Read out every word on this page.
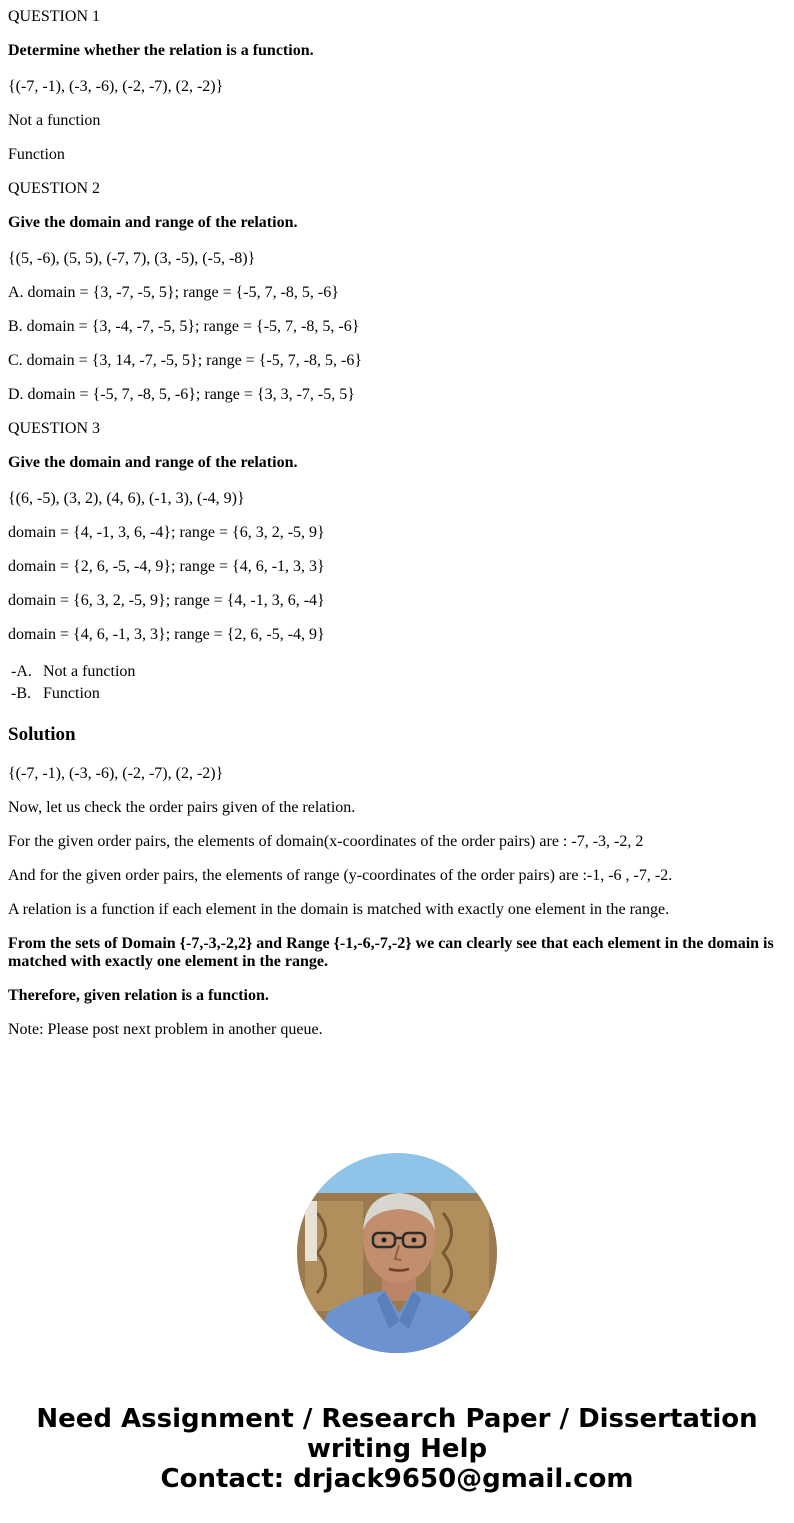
QUESTION 1
Determine whether the relation is a function.
{(-7, -1), (-3, -6), (-2, -7), (2, -2)}
Not a function
Function
QUESTION 2
Give the domain and range of the relation.
{(5, -6), (5, 5), (-7, 7), (3, -5), (-5, -8)}
A. domain = {3, -7, -5, 5}; range = {-5, 7, -8, 5, -6}
B. domain = {3, -4, -7, -5, 5}; range = {-5, 7, -8, 5, -6}
C. domain = {3, 14, -7, -5, 5}; range = {-5, 7, -8, 5, -6}
D. domain = {-5, 7, -8, 5, -6}; range = {3, 3, -7, -5, 5}
QUESTION 3
Give the domain and range of the relation.
{(6, -5), (3, 2), (4, 6), (-1, 3), (-4, 9)}
domain = {4, -1, 3, 6, -4}; range = {6, 3, 2, -5, 9}
domain = {2, 6, -5, -4, 9}; range = {4, 6, -1, 3, 3}
domain = {6, 3, 2, -5, 9}; range = {4, -1, 3, 6, -4}
domain = {4, 6, -1, 3, 3}; range = {2, 6, -5, -4, 9}
-A. Not a function
-B. Function
Solution
{(-7, -1), (-3, -6), (-2, -7), (2, -2)}
Now, let us check the order pairs given of the relation.
For the given order pairs, the elements of domain(x-coordinates of the order pairs) are : -7, -3, -2, 2
And for the given order pairs, the elements of range (y-coordinates of the order pairs) are :-1, -6 , -7, -2.
A relation is a function if each element in the domain is matched with exactly one element in the range.
From the sets of Domain {-7,-3,-2,2} and Range {-1,-6,-7,-2} we can clearly see that each element in the domain is matched with exactly one element in the range.
Therefore, given relation is a function.
Note: Please post next problem in another queue.
Need Assignment / Research Paper / Dissertation
writing Help
Contact: drjack9650@gmail.com
